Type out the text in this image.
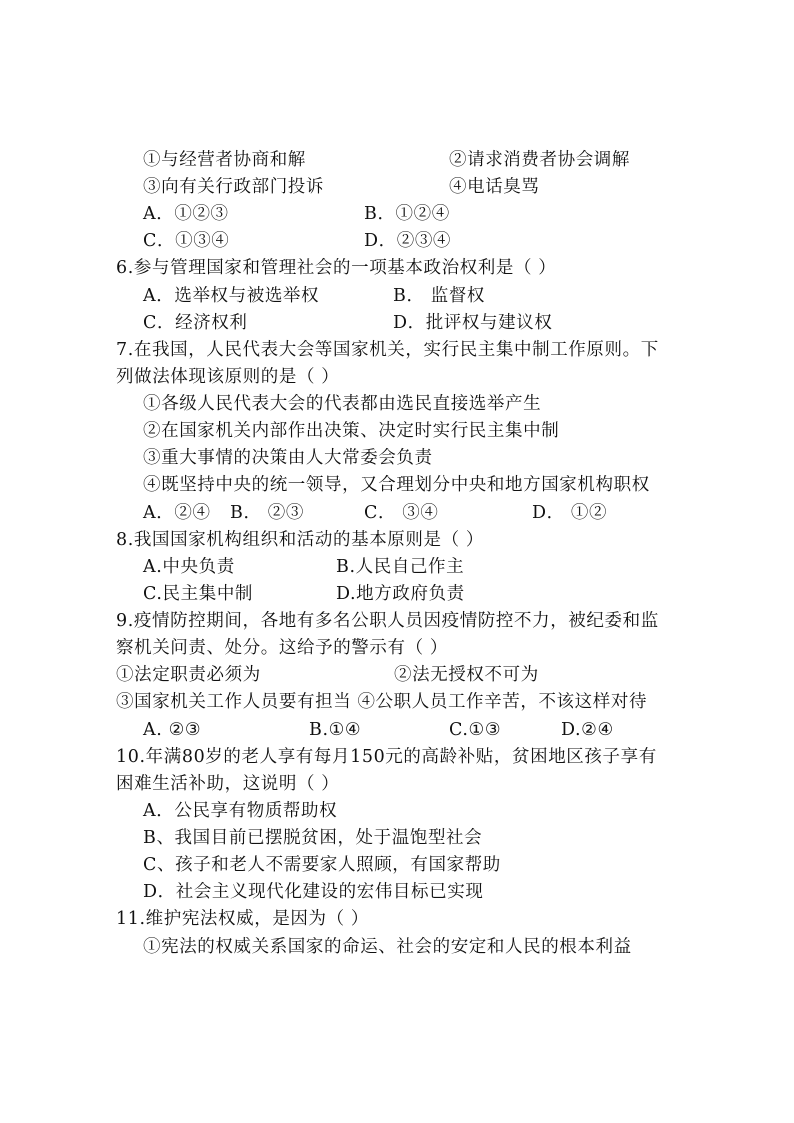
①与经营者协商和解	②请求消费者协会调解
③向有关行政部门投诉	④电话臭骂
A．①②③	B．①②④
C．①③④	D．②③④
6.参与管理国家和管理社会的一项基本政治权利是（ ）
A．选举权与被选举权	B． 监督权
C．经济权利	D．批评权与建议权
7.在我国，人民代表大会等国家机关，实行民主集中制工作原则。下
列做法体现该原则的是（ ）
①各级人民代表大会的代表都由选民直接选举产生
②在国家机关内部作出决策、决定时实行民主集中制
③重大事情的决策由人大常委会负责
④既坚持中央的统一领导，又合理划分中央和地方国家机构职权
A．②④ B． ②③	C． ③④	D． ①②
8.我国国家机构组织和活动的基本原则是（ ）
A.中央负责	B.人民自己作主
C.民主集中制	D.地方政府负责
9.疫情防控期间，各地有多名公职人员因疫情防控不力，被纪委和监
察机关问责、处分。这给予的警示有（ ）
①法定职责必须为	②法无授权不可为
③国家机关工作人员要有担当 ④公职人员工作辛苦，不该这样对待
A. ②③	B.①④	C.①③	D.②④
10.年满80岁的老人享有每月150元的高龄补贴，贫困地区孩子享有
困难生活补助，这说明（ ）
A．公民享有物质帮助权
B、我国目前已摆脱贫困，处于温饱型社会
C、孩子和老人不需要家人照顾，有国家帮助
D．社会主义现代化建设的宏伟目标已实现
11.维护宪法权威，是因为（ ）
①宪法的权威关系国家的命运、社会的安定和人民的根本利益
